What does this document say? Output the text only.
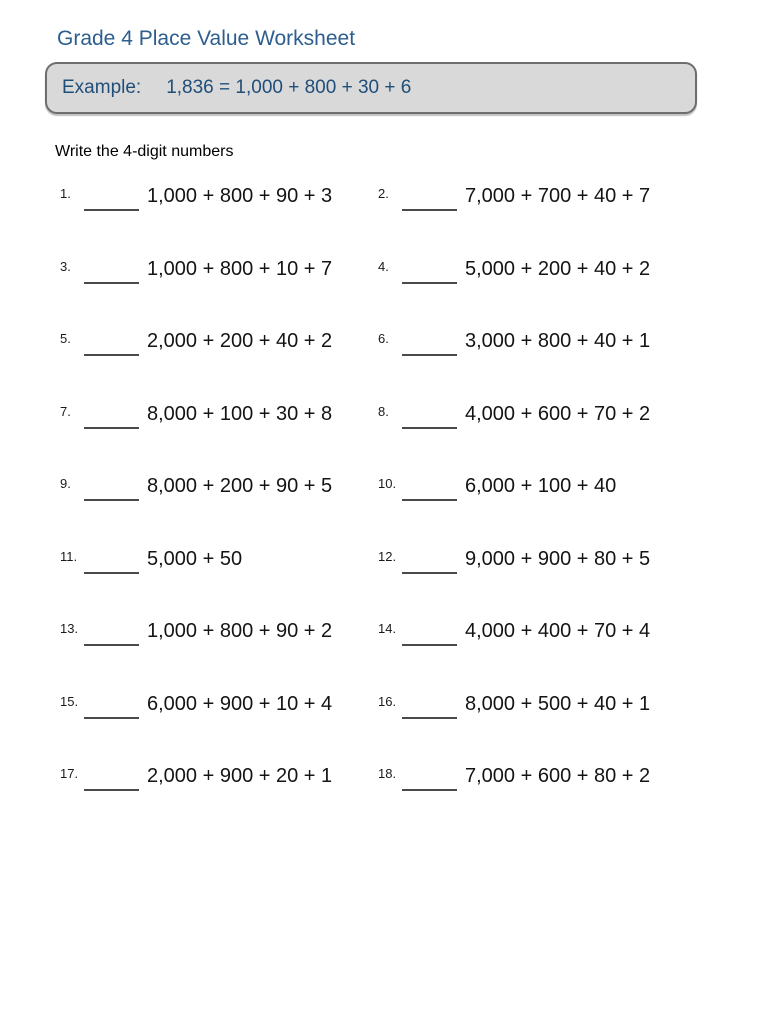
Grade 4 Place Value Worksheet
Example: 1,836 = 1,000 + 800 + 30 + 6
Write the 4-digit numbers
1.	1,000 + 800 + 90 + 3	2.	7,000 + 700 + 40 + 7
3.	1,000 + 800 + 10 + 7	4.	5,000 + 200 + 40 + 2
5.	2,000 + 200 + 40 + 2	6.	3,000 + 800 + 40 + 1
7.	8,000 + 100 + 30 + 8	8.	4,000 + 600 + 70 + 2
9.	8,000 + 200 + 90 + 5	10.	6,000 + 100 + 40
11.	5,000 + 50	12.	9,000 + 900 + 80 + 5
13.	1,000 + 800 + 90 + 2	14.	4,000 + 400 + 70 + 4
15.	6,000 + 900 + 10 + 4	16.	8,000 + 500 + 40 + 1
17.	2,000 + 900 + 20 + 1	18.	7,000 + 600 + 80 + 2
